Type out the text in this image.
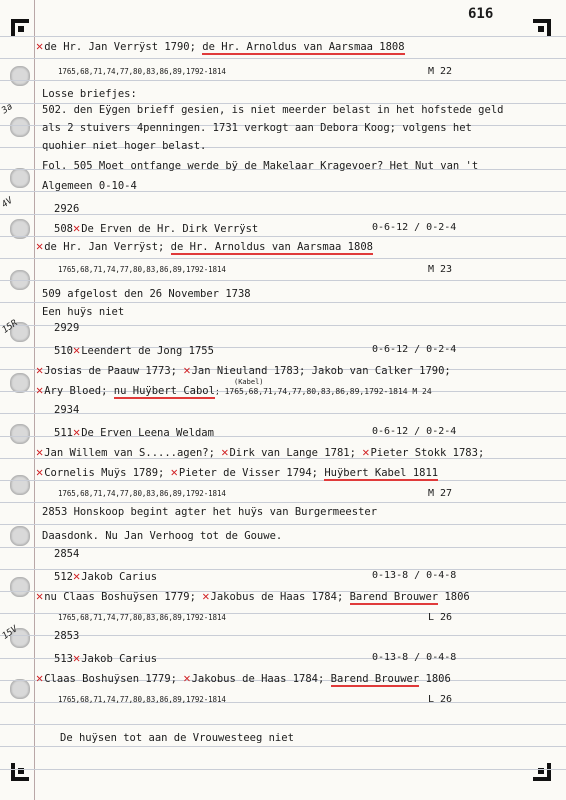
616
✕de Hr. Jan Verrÿst 1790; de Hr. Arnoldus van Aarsmaa 1808
1765,68,71,74,77,80,83,86,89,1792-1814	M 22
Losse briefjes:
502. den Eÿgen brieff gesien, is niet meerder belast in het hofstede geld
als 2 stuivers 4penningen. 1731 verkogt aan Debora Koog; volgens het
quohier niet hoger belast.
Fol. 505 Moet ontfange werde bÿ de Makelaar Kragevoer? Het Nut van 't
Algemeen 0-10-4
2926
508✕De Erven de Hr. Dirk Verrÿst	0-6-12 / 0-2-4
✕de Hr. Jan Verrÿst; de Hr. Arnoldus van Aarsmaa 1808
1765,68,71,74,77,80,83,86,89,1792-1814	M 23
509 afgelost den 26 November 1738
Een huÿs niet
2929
510✕Leendert de Jong 1755	0-6-12 / 0-2-4
✕Josias de Paauw 1773; ✕Jan Nieuland 1783; Jakob van Calker 1790;
✕Ary Bloed; nu Huÿbert Cabol; 1765,68,71,74,77,80,83,86,89,1792-1814 M 24
(Kabel)
2934
511✕De Erven Leena Weldam	0-6-12 / 0-2-4
✕Jan Willem van S.....agen?; ✕Dirk van Lange 1781; ✕Pieter Stokk 1783;
✕Cornelis Muÿs 1789; ✕Pieter de Visser 1794; Huÿbert Kabel 1811
1765,68,71,74,77,80,83,86,89,1792-1814	M 27
2853 Honskoop begint agter het huÿs van Burgermeester
Daasdonk. Nu Jan Verhoog tot de Gouwe.
2854
512✕Jakob Carius	0-13-8 / 0-4-8
✕nu Claas Boshuÿsen 1779; ✕Jakobus de Haas 1784; Barend Brouwer 1806
1765,68,71,74,77,80,83,86,89,1792-1814	L 26
2853
513✕Jakob Carius	0-13-8 / 0-4-8
✕Claas Boshuÿsen 1779; ✕Jakobus de Haas 1784; Barend Brouwer 1806
1765,68,71,74,77,80,83,86,89,1792-1814	L 26
De huÿsen tot aan de Vrouwesteeg niet
3a
4V
15R
15V
